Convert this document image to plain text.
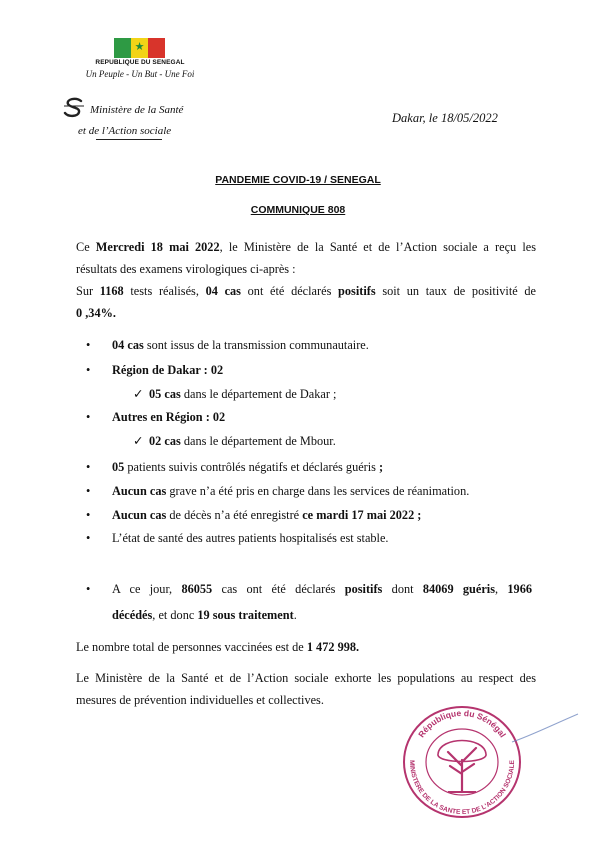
★
REPUBLIQUE DU SENEGAL
Un Peuple - Un But - Une Foi
Ministère de la Santé
et de l’Action sociale
Dakar, le 18/05/2022
PANDEMIE COVID-19 / SENEGAL
COMMUNIQUE 808
Ce Mercredi 18 mai 2022, le Ministère de la Santé et de l’Action sociale a reçu les
résultats des examens virologiques ci-après :
Sur 1168 tests réalisés, 04 cas ont été déclarés positifs soit un taux de positivité de
0 ,34%.
• 04 cas sont issus de la transmission communautaire.
• Région de Dakar : 02
✓ 05 cas dans le département de Dakar ;
• Autres en Région : 02
✓ 02 cas dans le département de Mbour.
• 05 patients suivis contrôlés négatifs et déclarés guéris ;
• Aucun cas grave n’a été pris en charge dans les services de réanimation.
• Aucun cas de décès n’a été enregistré ce mardi 17 mai 2022 ;
• L’état de santé des autres patients hospitalisés est stable.
• A ce jour, 86055 cas ont été déclarés positifs dont 84069 guéris, 1966
décédés, et donc 19 sous traitement.
Le nombre total de personnes vaccinées est de 1 472 998.
Le Ministère de la Santé et de l’Action sociale exhorte les populations au respect des
mesures de prévention individuelles et collectives.
République du Sénégal
MINISTERE DE LA SANTE ET DE L'ACTION SOCIALE
